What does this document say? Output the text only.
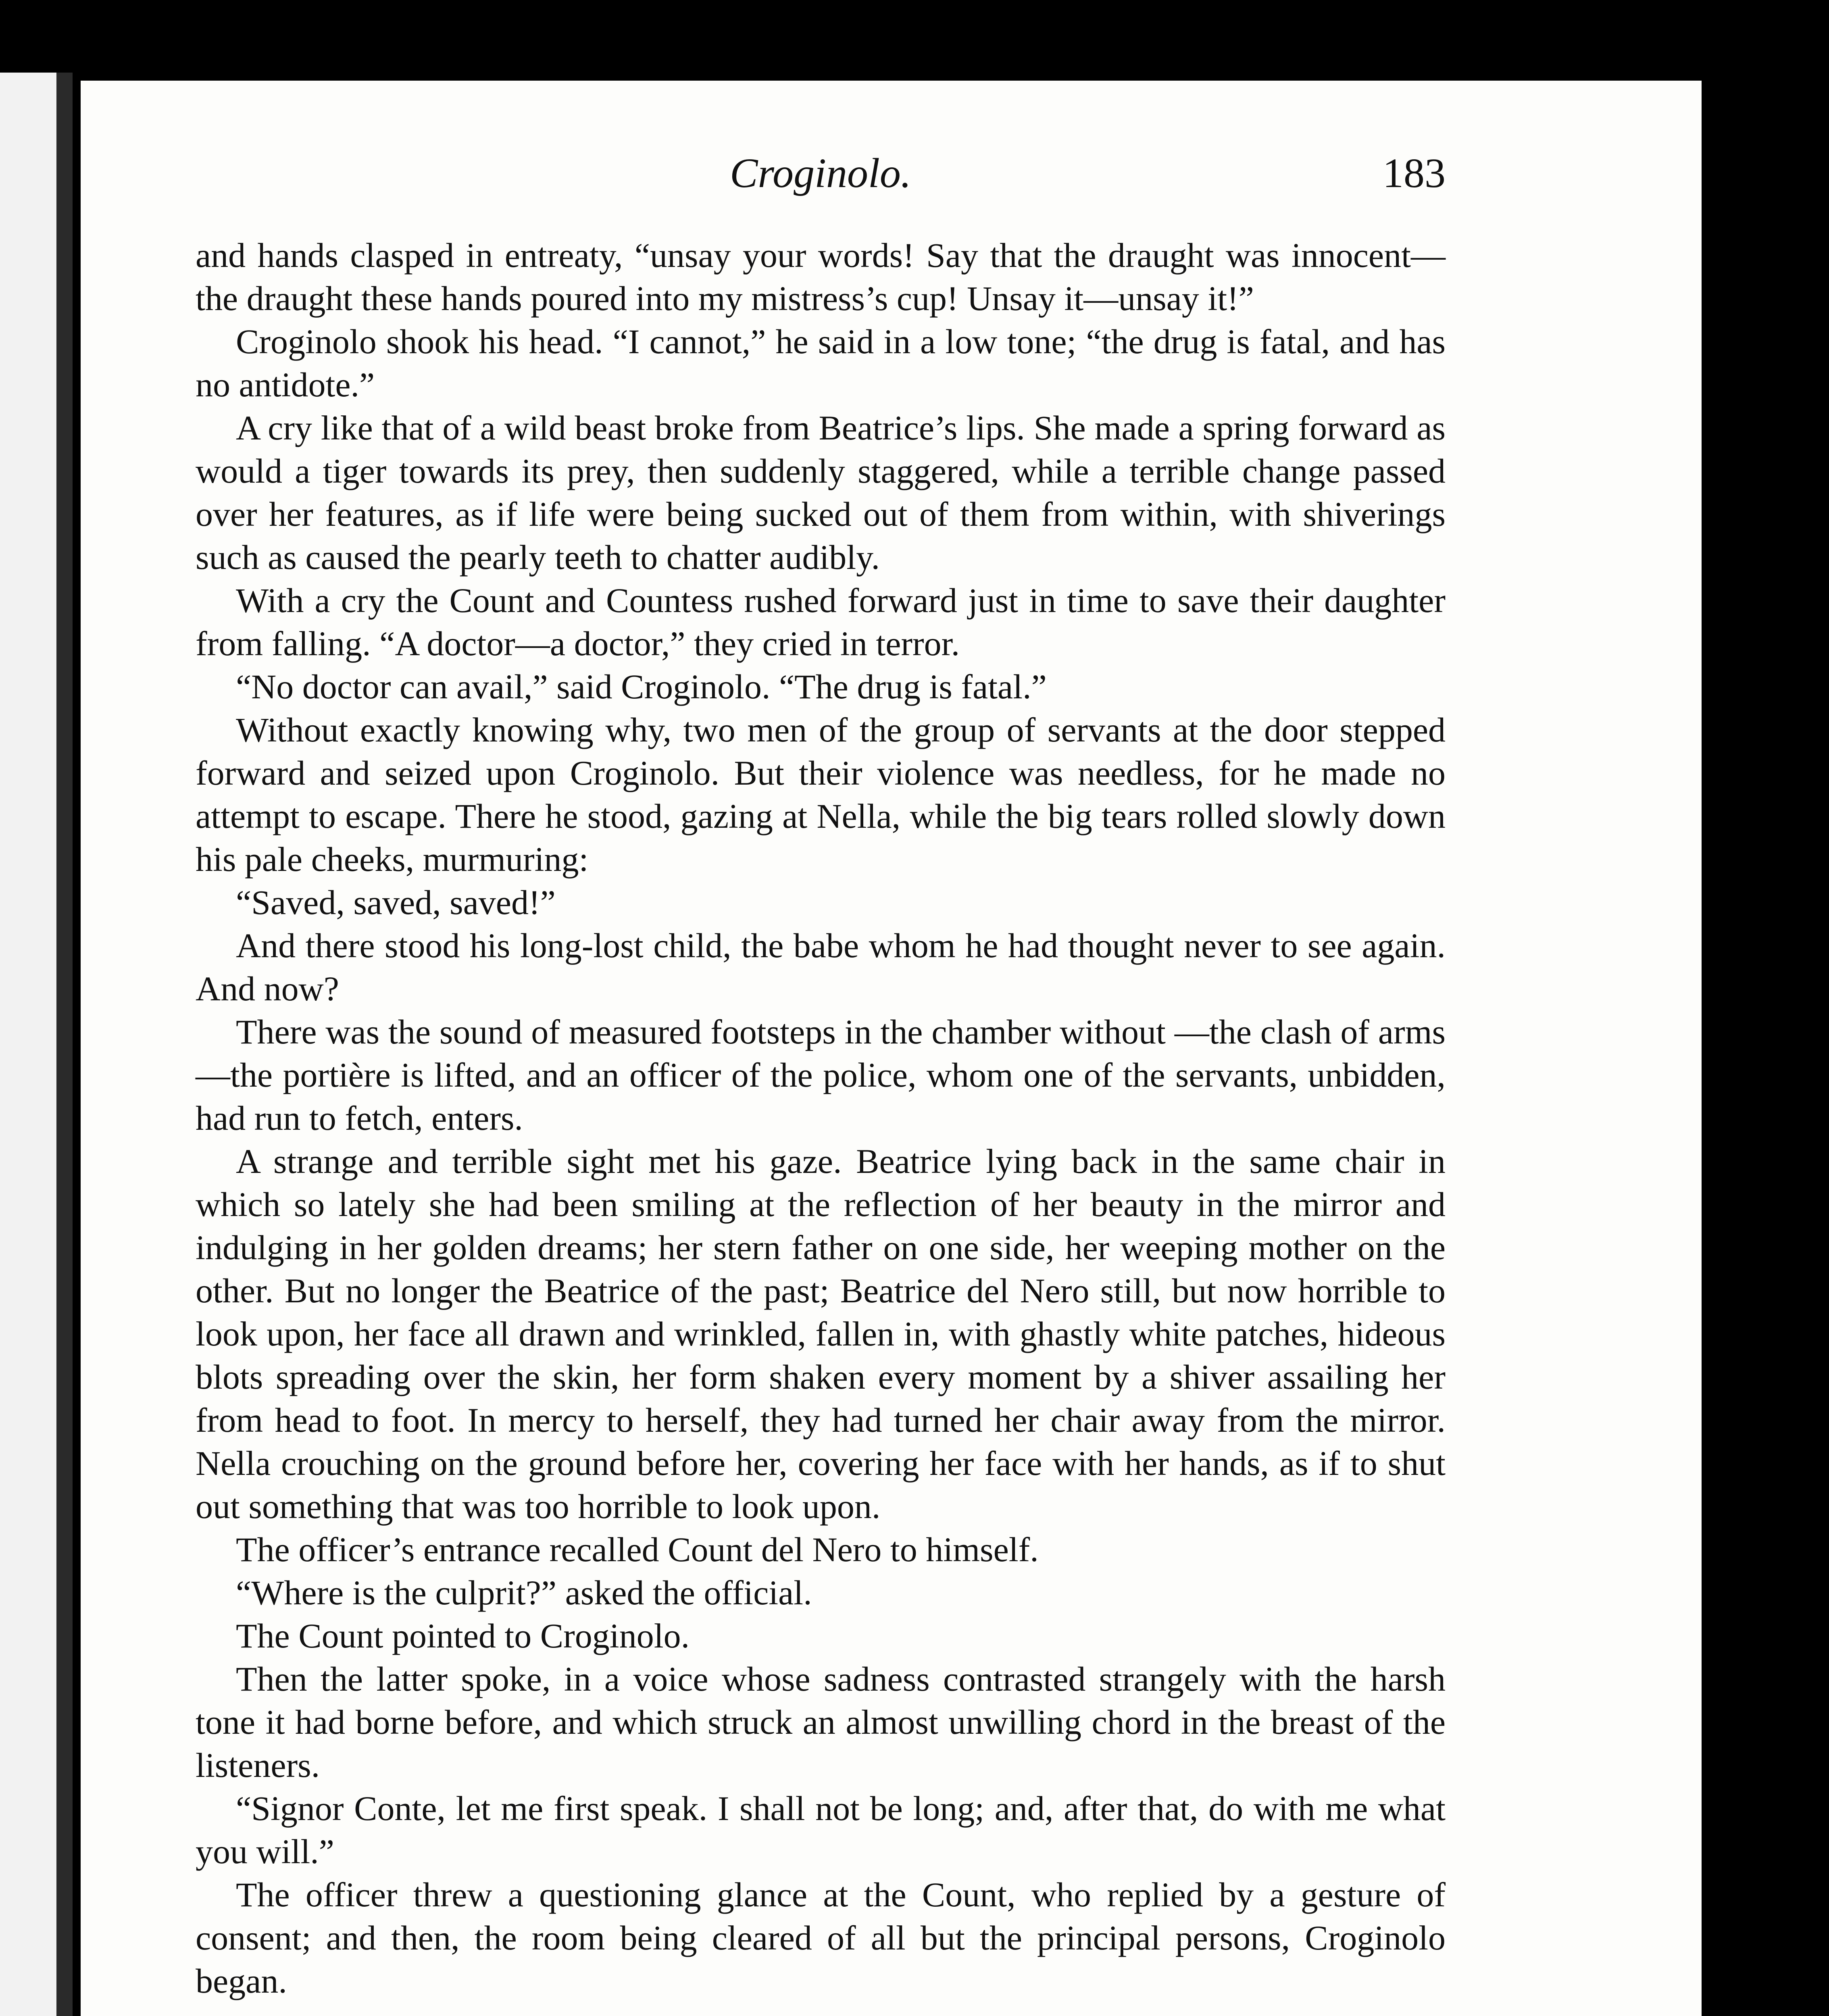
Croginolo.	183

and hands clasped in entreaty, “unsay your words! Say that the draught was innocent—the draught these hands poured into my mistress’s cup! Unsay it—unsay it!”

Croginolo shook his head. “I cannot,” he said in a low tone; “the drug is fatal, and has no antidote.”

A cry like that of a wild beast broke from Beatrice’s lips. She made a spring forward as would a tiger towards its prey, then suddenly staggered, while a terrible change passed over her features, as if life were being sucked out of them from within, with shiverings such as caused the pearly teeth to chatter audibly.

With a cry the Count and Countess rushed forward just in time to save their daughter from falling. “A doctor—a doctor,” they cried in terror.

“No doctor can avail,” said Croginolo. “The drug is fatal.”

Without exactly knowing why, two men of the group of servants at the door stepped forward and seized upon Croginolo. But their violence was needless, for he made no attempt to escape. There he stood, gazing at Nella, while the big tears rolled slowly down his pale cheeks, murmuring:

“Saved, saved, saved!”

And there stood his long-lost child, the babe whom he had thought never to see again. And now?

There was the sound of measured footsteps in the chamber without —the clash of arms—the portière is lifted, and an officer of the police, whom one of the servants, unbidden, had run to fetch, enters.

A strange and terrible sight met his gaze. Beatrice lying back in the same chair in which so lately she had been smiling at the reflection of her beauty in the mirror and indulging in her golden dreams; her stern father on one side, her weeping mother on the other. But no longer the Beatrice of the past; Beatrice del Nero still, but now horrible to look upon, her face all drawn and wrinkled, fallen in, with ghastly white patches, hideous blots spreading over the skin, her form shaken every moment by a shiver assailing her from head to foot. In mercy to herself, they had turned her chair away from the mirror. Nella crouching on the ground before her, covering her face with her hands, as if to shut out something that was too horrible to look upon.

The officer’s entrance recalled Count del Nero to himself.

“Where is the culprit?” asked the official.

The Count pointed to Croginolo.

Then the latter spoke, in a voice whose sadness contrasted strangely with the harsh tone it had borne before, and which struck an almost unwilling chord in the breast of the listeners.

“Signor Conte, let me first speak. I shall not be long; and, after that, do with me what you will.”

The officer threw a questioning glance at the Count, who replied by a gesture of consent; and then, the room being cleared of all but the principal persons, Croginolo began.
